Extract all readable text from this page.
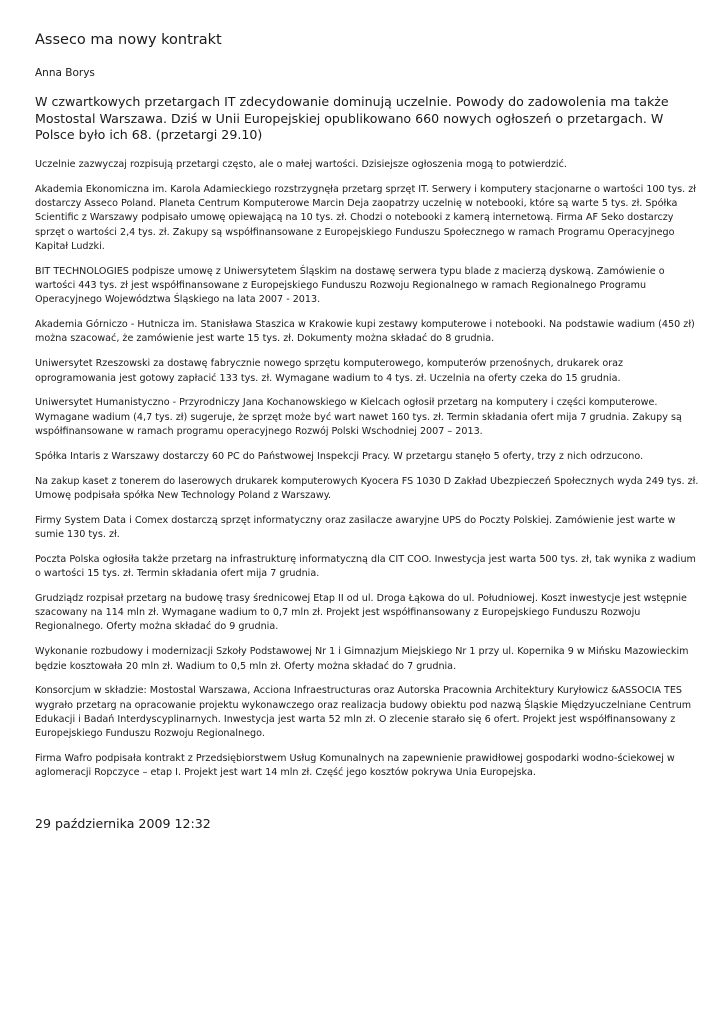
Asseco ma nowy kontrakt
Anna Borys
W czwartkowych przetargach IT zdecydowanie dominują uczelnie. Powody do zadowolenia ma także Mostostal Warszawa. Dziś w Unii Europejskiej opublikowano 660 nowych ogłoszeń o przetargach. W Polsce było ich 68. (przetargi 29.10)

Uczelnie zazwyczaj rozpisują przetargi często, ale o małej wartości. Dzisiejsze ogłoszenia mogą to potwierdzić.

Akademia Ekonomiczna im. Karola Adamieckiego rozstrzygnęła przetarg sprzęt IT. Serwery i komputery stacjonarne o wartości 100 tys. zł dostarczy Asseco Poland. Planeta Centrum Komputerowe Marcin Deja zaopatrzy uczelnię w notebooki, które są warte 5 tys. zł. Spółka Scientific z Warszawy podpisało umowę opiewającą na 10 tys. zł. Chodzi o notebooki z kamerą internetową. Firma AF Seko dostarczy sprzęt o wartości 2,4 tys. zł. Zakupy są współfinansowane z Europejskiego Funduszu Społecznego w ramach Programu Operacyjnego Kapitał Ludzki.

BIT TECHNOLOGIES podpisze umowę z Uniwersytetem Śląskim na dostawę serwera typu blade z macierzą dyskową. Zamówienie o wartości 443 tys. zł jest współfinansowane z Europejskiego Funduszu Rozwoju Regionalnego w ramach Regionalnego Programu Operacyjnego Województwa Śląskiego na lata 2007 - 2013.

Akademia Górniczo - Hutnicza im. Stanisława Staszica w Krakowie kupi zestawy komputerowe i notebooki. Na podstawie wadium (450 zł) można szacować, że zamówienie jest warte 15 tys. zł. Dokumenty można składać do 8 grudnia.

Uniwersytet Rzeszowski za dostawę fabrycznie nowego sprzętu komputerowego, komputerów przenośnych, drukarek oraz oprogramowania jest gotowy zapłacić 133 tys. zł. Wymagane wadium to 4 tys. zł. Uczelnia na oferty czeka do 15 grudnia.

Uniwersytet Humanistyczno - Przyrodniczy Jana Kochanowskiego w Kielcach ogłosił przetarg na komputery i części komputerowe. Wymagane wadium (4,7 tys. zł) sugeruje, że sprzęt może być wart nawet 160 tys. zł. Termin składania ofert mija 7 grudnia. Zakupy są współfinansowane w ramach programu operacyjnego Rozwój Polski Wschodniej 2007 – 2013.

Spółka Intaris z Warszawy dostarczy 60 PC do Państwowej Inspekcji Pracy. W przetargu stanęło 5 oferty, trzy z nich odrzucono.

Na zakup kaset z tonerem do laserowych drukarek komputerowych Kyocera FS 1030 D Zakład Ubezpieczeń Społecznych wyda 249 tys. zł. Umowę podpisała spółka New Technology Poland z Warszawy.

Firmy System Data i Comex dostarczą sprzęt informatyczny oraz zasilacze awaryjne UPS do Poczty Polskiej. Zamówienie jest warte w sumie 130 tys. zł.

Poczta Polska ogłosiła także przetarg na infrastrukturę informatyczną dla CIT COO. Inwestycja jest warta 500 tys. zł, tak wynika z wadium o wartości 15 tys. zł. Termin składania ofert mija 7 grudnia.

Grudziądz rozpisał przetarg na budowę trasy średnicowej Etap II od ul. Droga Łąkowa do ul. Południowej. Koszt inwestycje jest wstępnie szacowany na 114 mln zł. Wymagane wadium to 0,7 mln zł. Projekt jest współfinansowany z Europejskiego Funduszu Rozwoju Regionalnego. Oferty można składać do 9 grudnia.

Wykonanie rozbudowy i modernizacji Szkoły Podstawowej Nr 1 i Gimnazjum Miejskiego Nr 1 przy ul. Kopernika 9 w Mińsku Mazowieckim będzie kosztowała 20 mln zł. Wadium to 0,5 mln zł. Oferty można składać do 7 grudnia.

Konsorcjum w składzie: Mostostal Warszawa, Acciona Infraestructuras oraz Autorska Pracownia Architektury Kuryłowicz &ASSOCIA TES wygrało przetarg na opracowanie projektu wykonawczego oraz realizacja budowy obiektu pod nazwą Śląskie Międzyuczelniane Centrum Edukacji i Badań Interdyscyplinarnych. Inwestycja jest warta 52 mln zł. O zlecenie starało się 6 ofert. Projekt jest współfinansowany z Europejskiego Funduszu Rozwoju Regionalnego.

Firma Wafro podpisała kontrakt z Przedsiębiorstwem Usług Komunalnych na zapewnienie prawidłowej gospodarki wodno-ściekowej w aglomeracji Ropczyce – etap I. Projekt jest wart 14 mln zł. Część jego kosztów pokrywa Unia Europejska.

29 października 2009 12:32
